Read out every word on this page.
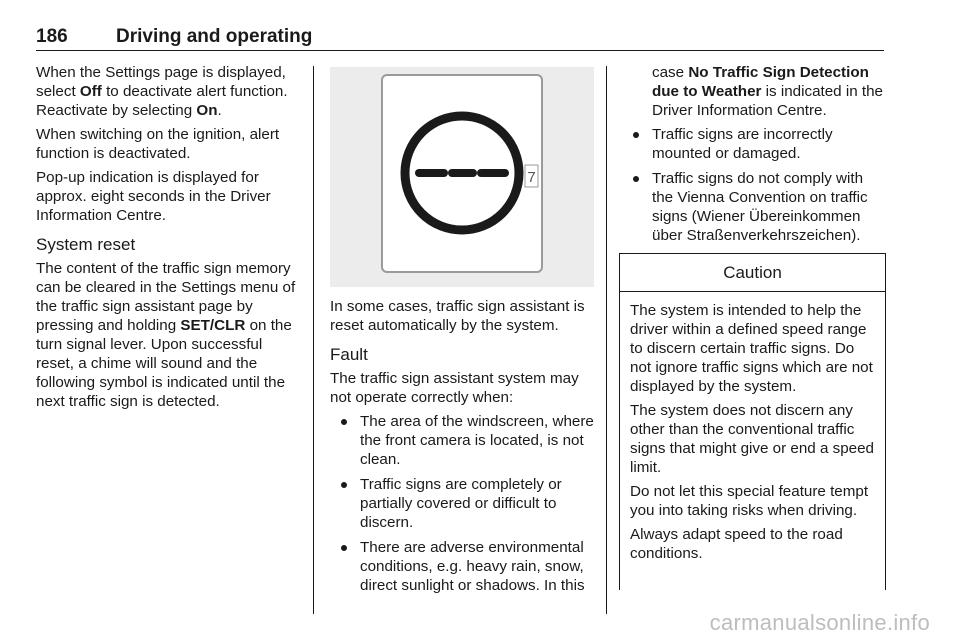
186	Driving and operating

When the Settings page is displayed, select Off to deactivate alert function. Reactivate by selecting On.

When switching on the ignition, alert function is deactivated.

Pop-up indication is displayed for approx. eight seconds in the Driver Information Centre.

System reset

The content of the traffic sign memory can be cleared in the Settings menu of the traffic sign assistant page by pressing and holding SET/CLR on the turn signal lever. Upon successful reset, a chime will sound and the following symbol is indicated until the next traffic sign is detected.

7

In some cases, traffic sign assistant is reset automatically by the system.

Fault

The traffic sign assistant system may not operate correctly when:

The area of the windscreen, where the front camera is located, is not clean.
Traffic signs are completely or partially covered or difficult to discern.
There are adverse environmental conditions, e.g. heavy rain, snow, direct sunlight or shadows. In this

case No Traffic Sign Detection due to Weather is indicated in the Driver Information Centre.

Traffic signs are incorrectly mounted or damaged.
Traffic signs do not comply with the Vienna Convention on traffic signs (Wiener Übereinkommen über Straßenverkehrszeichen).
Caution

The system is intended to help the driver within a defined speed range to discern certain traffic signs. Do not ignore traffic signs which are not displayed by the system.

The system does not discern any other than the conventional traffic signs that might give or end a speed limit.

Do not let this special feature tempt you into taking risks when driving.

Always adapt speed to the road conditions.

carmanualsonline.info
